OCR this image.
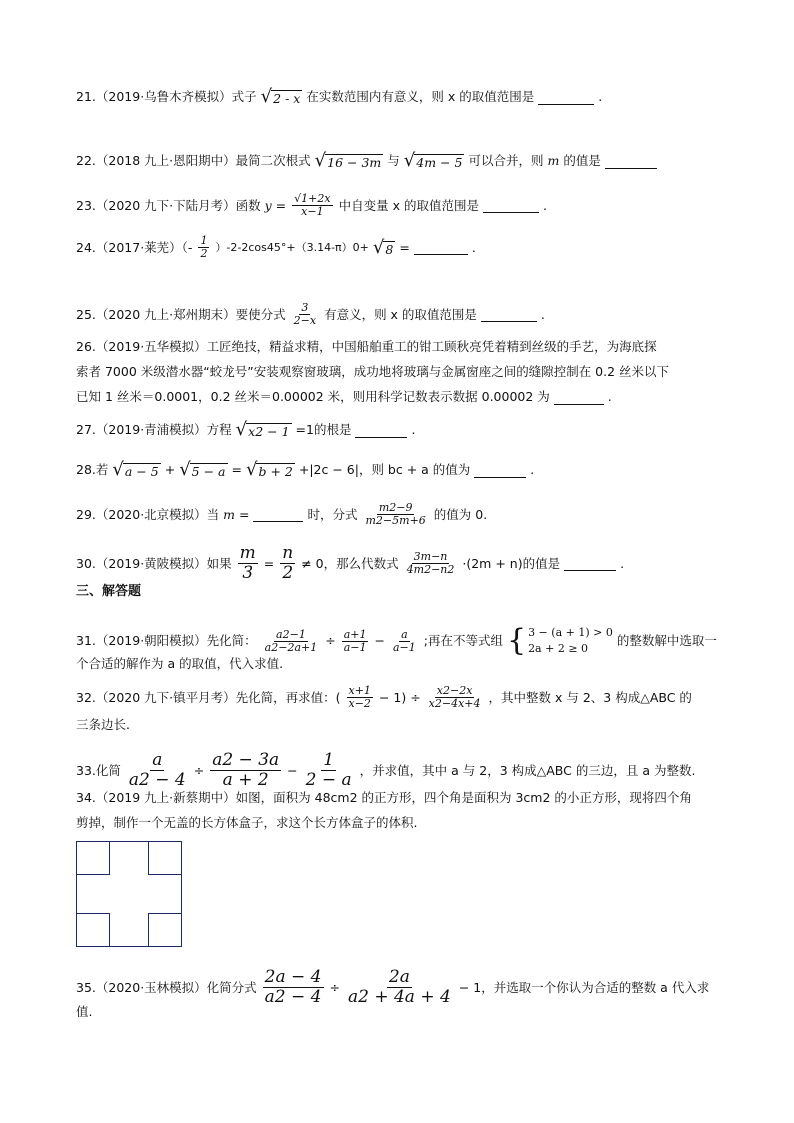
21.（2019·乌鲁木齐模拟）式子 √ 2 - x 在实数范围内有意义，则 x 的取值范围是	.
22.（2018 九上·恩阳期中）最简二次根式 √ 16 − 3m 与 √ 4m − 5 可以合并，则 m 的值是
23.（2020 九下·下陆月考）函数 $y = \frac{√1+2x}{x-1}$ 中自变量 x 的取值范围是	.
24.（2017·莱芜）（- $\frac{1}{2} )-2-2\cos 45^\circ+(3.14-\pi)0+$ √ 8 =	.
25.（2020 九上·郑州期末）要使分式 $\frac{3}{2-x}$ 有意义，则 x 的取值范围是	.
26.（2019·五华模拟）工匠绝技，精益求精，中国船舶重工的钳工顾秋亮凭着精到丝级的手艺，为海底探
索者 7000 米级潜水器“蛟龙号”安装观察窗玻璃，成功地将玻璃与金属窗座之间的缝隙控制在 0.2 丝米以下
已知 1 丝米＝0.0001，0.2 丝米＝0.00002 米，则用科学记数表示数据 0.00002 为	.
27.（2019·青浦模拟）方程 √ x2 − 1 =1的根是	.
28.若 √ a − 5 + √ 5 − a = √ b + 2 +|2c − 6|，则 bc + a 的值为	.
29.（2020·北京模拟）当 m =	时，分式 $\frac{m2-9}{m2-5m+6}$ 的值为 0.
30.（2019·黄陂模拟）如果 $\frac{m}{3} = \frac{n}{2} \ne 0$，那么代数式 $\frac{3m-n}{4m2-n2} \cdot(2m + n)$的值是	.
三、解答题
31.（2019·朝阳模拟）先化简： $\frac{a2-1}{a2-2a+1} \div \frac{a+1}{a-1} - \frac{a}{a-1}$ ;再在不等式组 { 3 − (a + 1) > 0
2a + 2 ≥ 0
的整数解中选取一
个合适的解作为 a 的取值，代入求值.
32.（2020 九下·镇平月考）先化简，再求值：( $\frac{x+1}{x-2} - 1) \div \frac{x2-2x}{x2-4x+4}$ ，其中整数 x 与 2、3 构成△ABC 的
三条边长.
33.化简 $\frac{a}{a2 - 4} \div \frac{a2 - 3a}{a + 2} - \frac{1}{2 - a}$ ，并求值，其中 a 与 2，3 构成△ABC 的三边，且 a 为整数.
34.（2019 九上·新蔡期中）如图，面积为 48cm2 的正方形，四个角是面积为 3cm2 的小正方形，现将四个角
剪掉，制作一个无盖的长方体盒子，求这个长方体盒子的体积.
35.（2020·玉林模拟）化简分式 $\frac{2a - 4}{a2 - 4} \div \frac{2a}{a2 + 4a + 4} - 1$，并选取一个你认为合适的整数 a 代入求
值.
